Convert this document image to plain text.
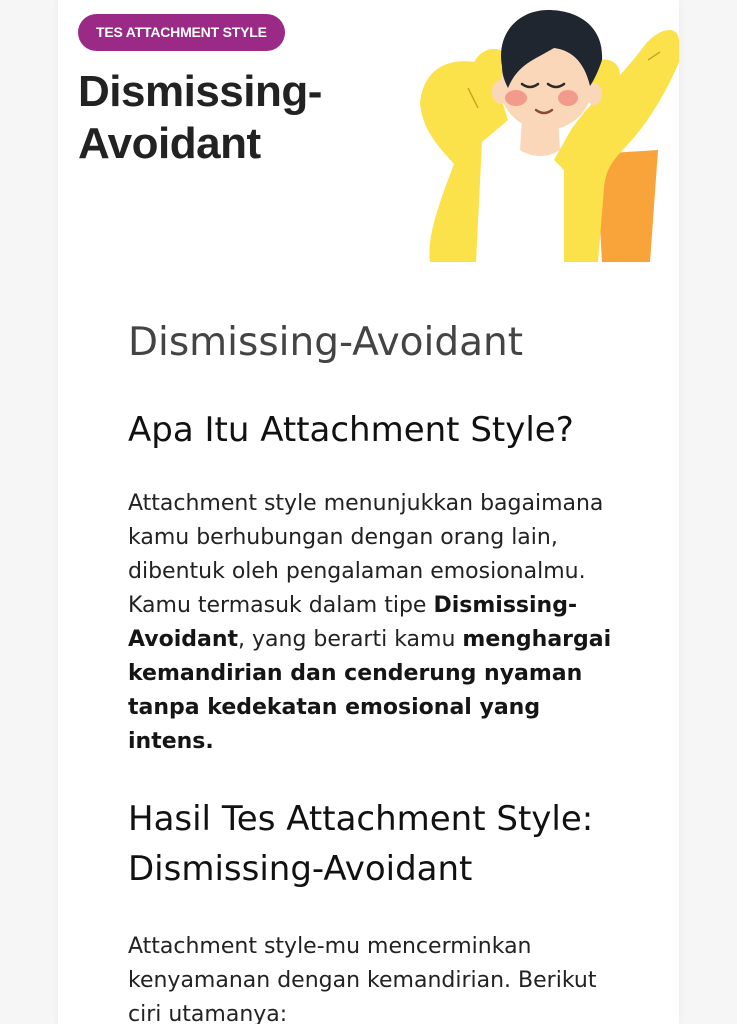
TES ATTACHMENT STYLE
Dismissing-
Avoidant
Dismissing-Avoidant
Apa Itu Attachment Style?

Attachment style menunjukkan bagaimana kamu berhubungan dengan orang lain, dibentuk oleh pengalaman emosionalmu. Kamu termasuk dalam tipe Dismissing-Avoidant, yang berarti kamu menghargai kemandirian dan cenderung nyaman tanpa kedekatan emosional yang intens.

Hasil Tes Attachment Style: Dismissing-Avoidant

Attachment style-mu mencerminkan kenyamanan dengan kemandirian. Berikut ciri utamanya:
